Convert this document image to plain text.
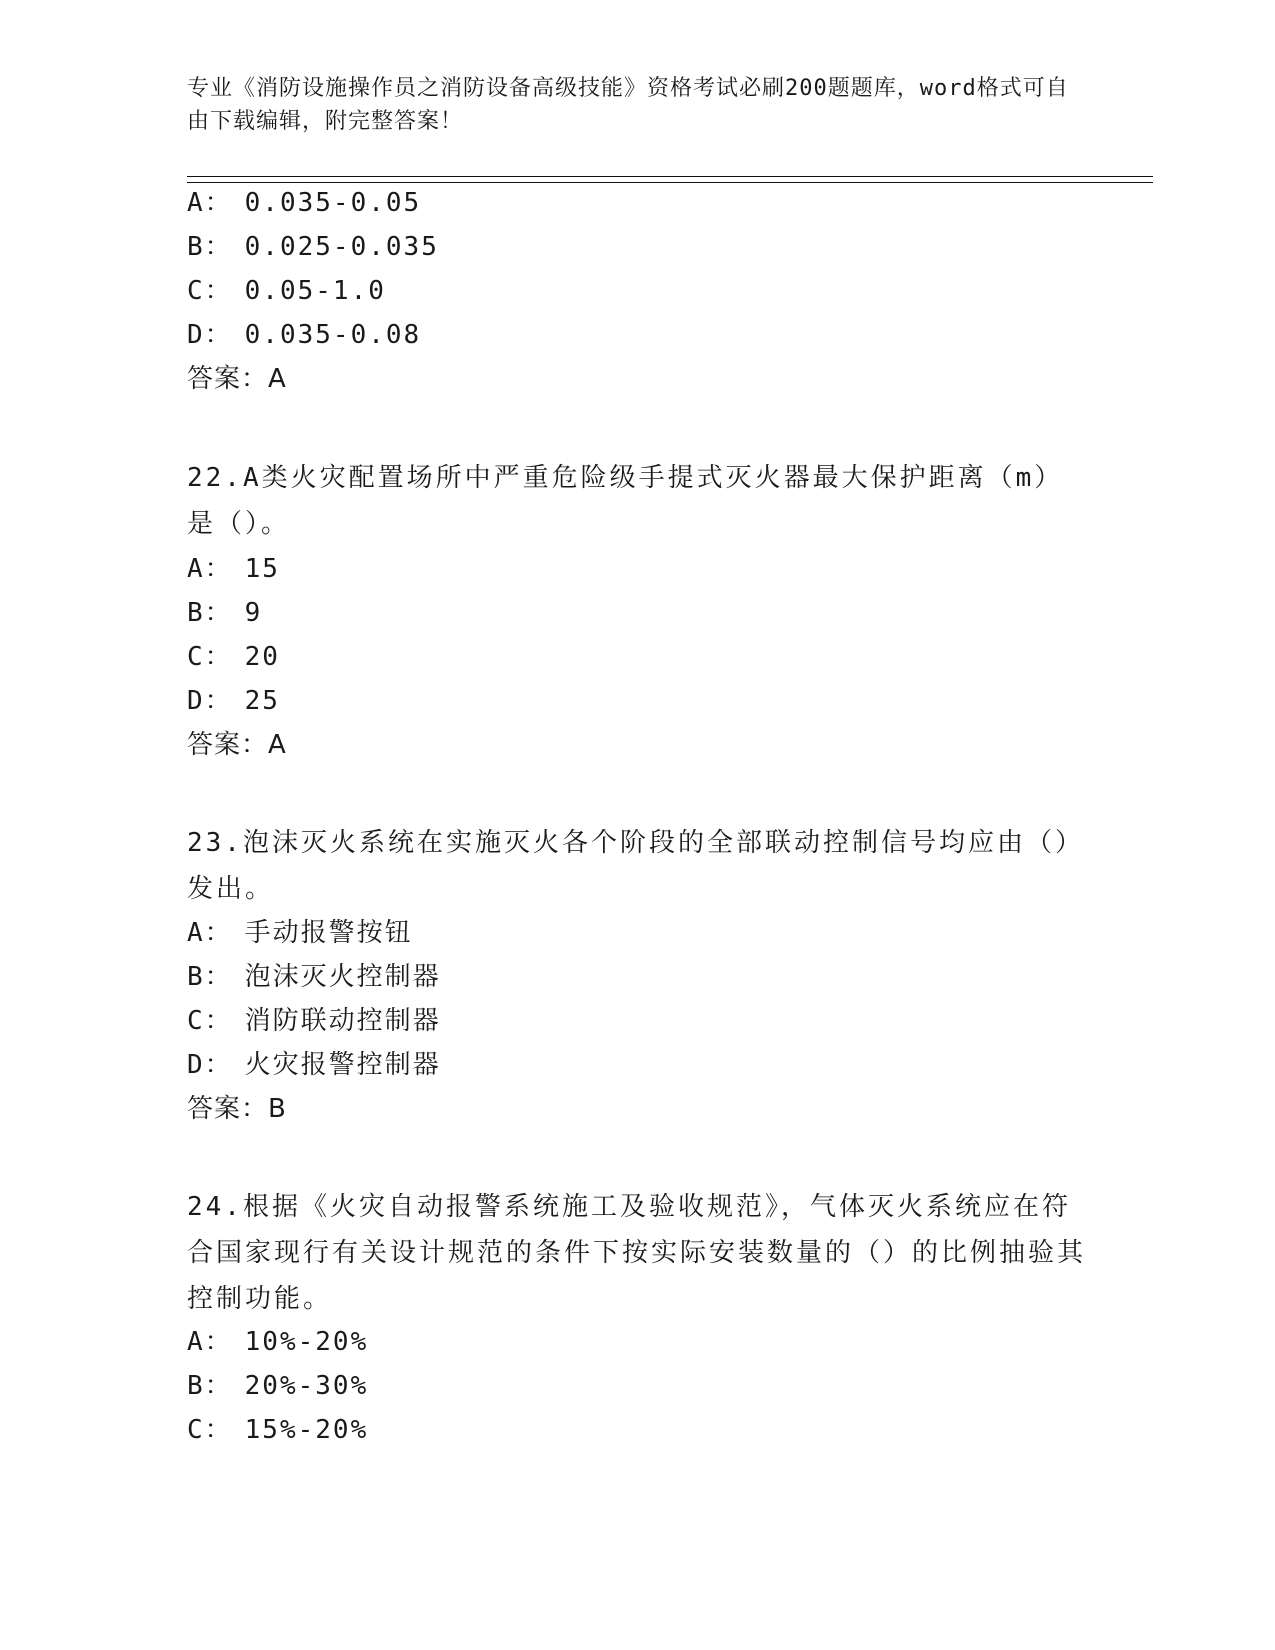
专业《消防设施操作员之消防设备高级技能》资格考试必刷200题题库，word格式可自由下载编辑，附完整答案！
A： 0.035-0.05
B： 0.025-0.035
C： 0.05-1.0
D： 0.035-0.08
答案：A
22.A类火灾配置场所中严重危险级手提式灭火器最大保护距离（m）是（）。
A： 15
B： 9
C： 20
D： 25
答案：A
23.泡沫灭火系统在实施灭火各个阶段的全部联动控制信号均应由（）发出。
A： 手动报警按钮
B： 泡沫灭火控制器
C： 消防联动控制器
D： 火灾报警控制器
答案：B
24.根据《火灾自动报警系统施工及验收规范》，气体灭火系统应在符合国家现行有关设计规范的条件下按实际安装数量的（）的比例抽验其控制功能。
A： 10%-20%
B： 20%-30%
C： 15%-20%
